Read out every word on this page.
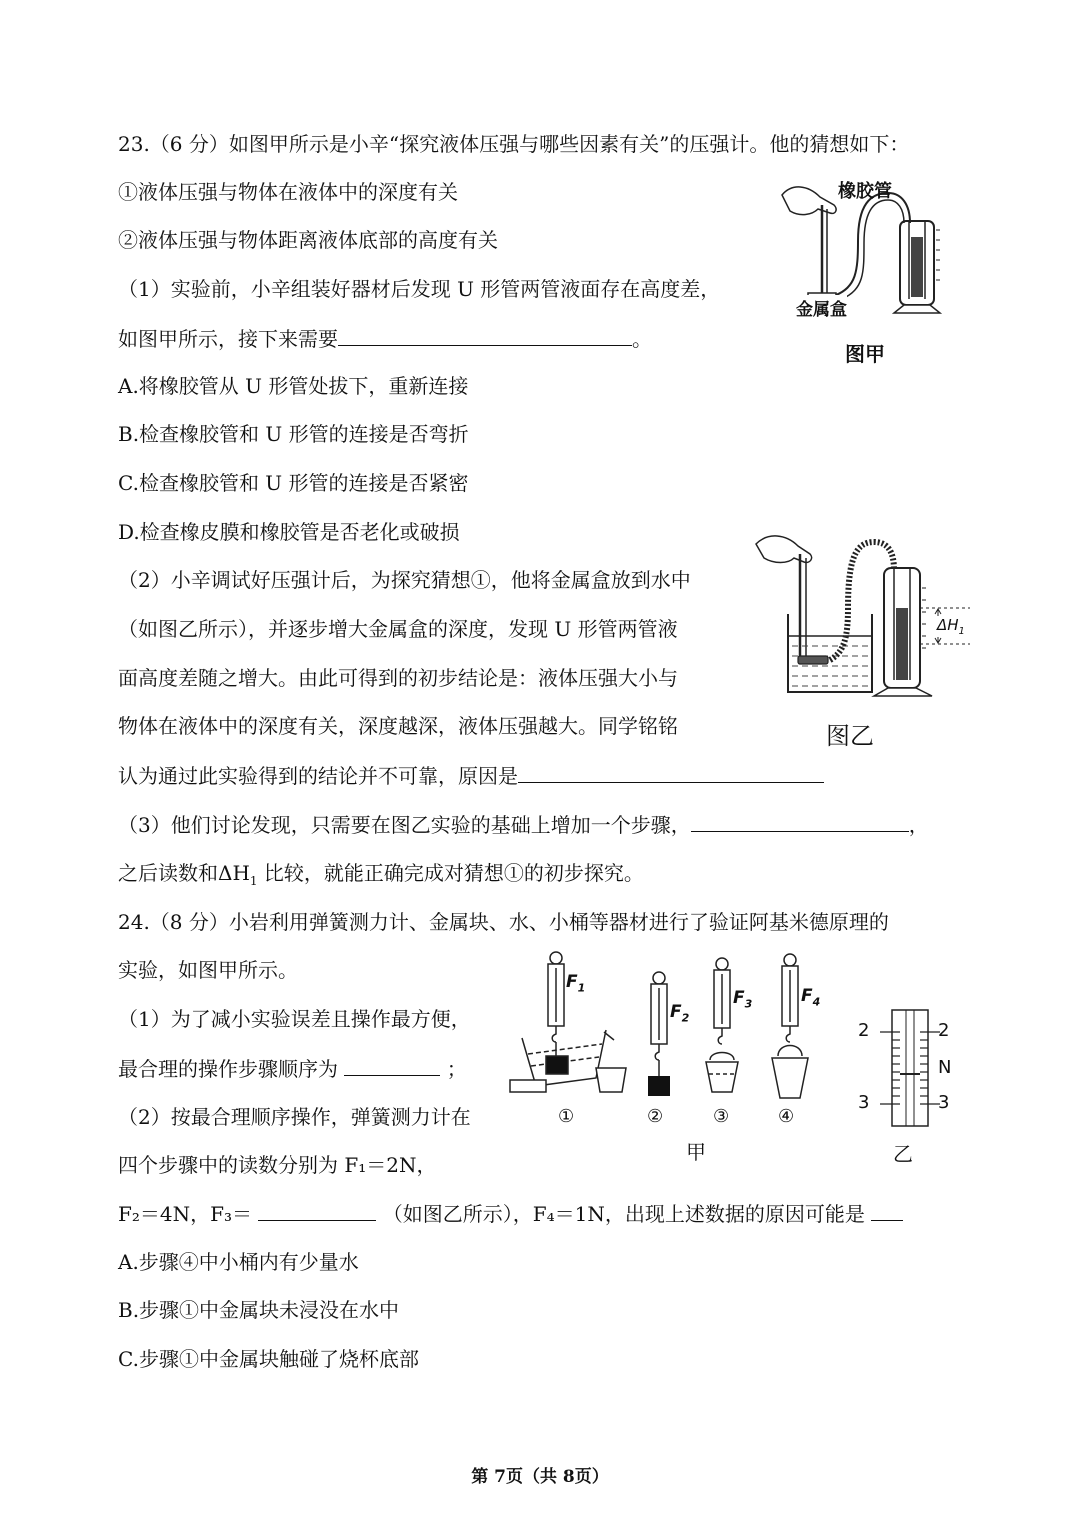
23.（6 分）如图甲所示是小辛“探究液体压强与哪些因素有关”的压强计。他的猜想如下：
①液体压强与物体在液体中的深度有关
②液体压强与物体距离液体底部的高度有关
（1）实验前，小辛组装好器材后发现 U 形管两管液面存在高度差，
如图甲所示，接下来需要	。
A.将橡胶管从 U 形管处拔下，重新连接
B.检查橡胶管和 U 形管的连接是否弯折
C.检查橡胶管和 U 形管的连接是否紧密
D.检查橡皮膜和橡胶管是否老化或破损
（2）小辛调试好压强计后，为探究猜想①，他将金属盒放到水中
（如图乙所示），并逐步增大金属盒的深度，发现 U 形管两管液
面高度差随之增大。由此可得到的初步结论是：液体压强大小与
物体在液体中的深度有关，深度越深，液体压强越大。同学铭铭
认为通过此实验得到的结论并不可靠，原因是
（3）他们讨论发现，只需要在图乙实验的基础上增加一个步骤，	，
之后读数和$\Delta H_1$ 比较，就能正确完成对猜想①的初步探究。
橡胶管
金属盒
图甲
$\Delta H_1$
图乙
24.（8 分）小岩利用弹簧测力计、金属块、水、小桶等器材进行了验证阿基米德原理的
实验，如图甲所示。
（1）为了减小实验误差且操作最方便，
最合理的操作步骤顺序为	；
（2）按最合理顺序操作，弹簧测力计在
四个步骤中的读数分别为 F₁＝2N，
F₂＝4N，F₃＝	（如图乙所示），F₄＝1N，出现上述数据的原因可能是
A.步骤④中小桶内有少量水
B.步骤①中金属块未浸没在水中
C.步骤①中金属块触碰了烧杯底部
$F_1$
$F_2$
$F_3$	$F_4$
①	②	③	④
甲
2	2
N
3	3
乙
第 7页（共 8页）
